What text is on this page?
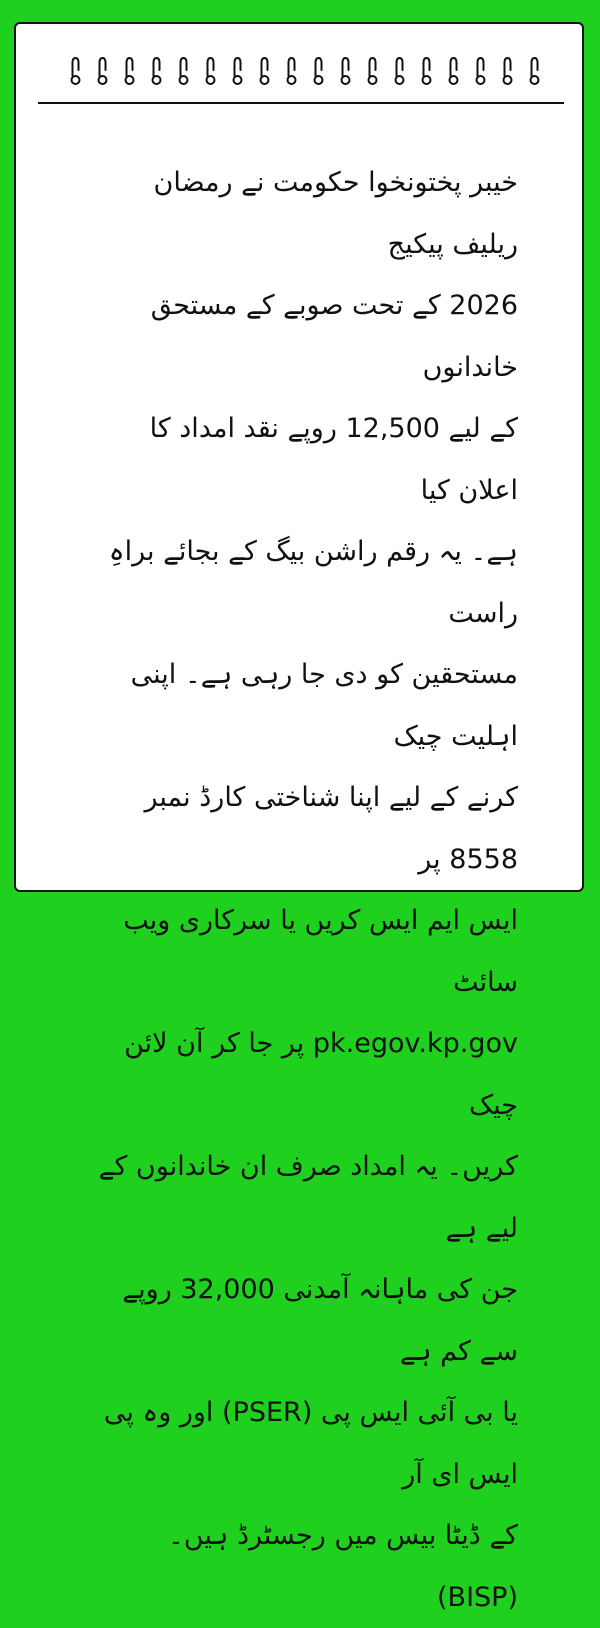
خیبر پختونخوا حکومت نے رمضان ریلیف پیکیج
2026 کے تحت صوبے کے مستحق خاندانوں
کے لیے 12,500 روپے نقد امداد کا اعلان کیا
ہے۔ یہ رقم راشن بیگ کے بجائے براہِ راست
مستحقین کو دی جا رہی ہے۔ اپنی اہلیت چیک
کرنے کے لیے اپنا شناختی کارڈ نمبر 8558 پر
ایس ایم ایس کریں یا سرکاری ویب سائٹ
pk.egov.kp.gov پر جا کر آن لائن چیک
کریں۔ یہ امداد صرف ان خاندانوں کے لیے ہے
جن کی ماہانہ آمدنی 32,000 روپے سے کم ہے
یا بی آئی ایس پی (PSER) اور وہ پی ایس ای آر
کے ڈیٹا بیس میں رجسٹرڈ ہیں۔ (BISP)
